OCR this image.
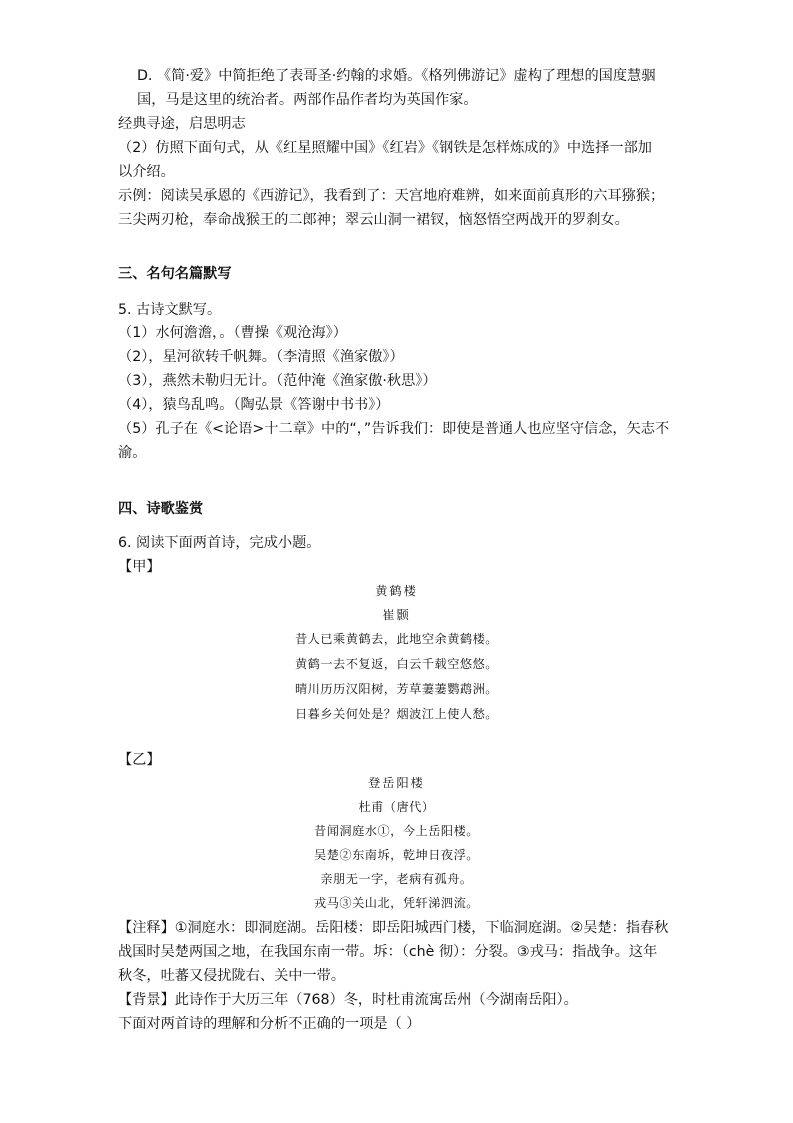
D. 《简·爱》中简拒绝了表哥圣·约翰的求婚。《格列佛游记》虚构了理想的国度慧骃
国，马是这里的统治者。两部作品作者均为英国作家。
经典寻途，启思明志
（2）仿照下面句式，从《红星照耀中国》《红岩》《钢铁是怎样炼成的》中选择一部加
以介绍。
示例：阅读吴承恩的《西游记》，我看到了：天宫地府难辨，如来面前真形的六耳猕猴；
三尖两刃枪，奉命战猴王的二郎神；翠云山洞一裙钗，恼怒悟空两战开的罗刹女。
三、名句名篇默写
5. 古诗文默写。
（1）水何澹澹，。（曹操《观沧海》）
（2），星河欲转千帆舞。（李清照《渔家傲》）
（3），燕然未勒归无计。（范仲淹《渔家傲·秋思》）
（4），猿鸟乱鸣。（陶弘景《答谢中书书》）
（5）孔子在《<论语>十二章》中的“，”告诉我们：即使是普通人也应坚守信念，矢志不
渝。
四、诗歌鉴赏
6. 阅读下面两首诗，完成小题。
【甲】
黄鹤楼
崔颢
昔人已乘黄鹤去，此地空余黄鹤楼。
黄鹤一去不复返，白云千载空悠悠。
晴川历历汉阳树，芳草萋萋鹦鹉洲。
日暮乡关何处是？烟波江上使人愁。
【乙】
登岳阳楼
杜甫（唐代）
昔闻洞庭水①，今上岳阳楼。
吴楚②东南坼，乾坤日夜浮。
亲朋无一字，老病有孤舟。
戎马③关山北，凭轩涕泗流。
【注释】①洞庭水：即洞庭湖。岳阳楼：即岳阳城西门楼，下临洞庭湖。②吴楚：指春秋
战国时吴楚两国之地，在我国东南一带。坼：（chè 彻）：分裂。③戎马：指战争。这年
秋冬，吐蕃又侵扰陇右、关中一带。
【背景】此诗作于大历三年（768）冬，时杜甫流寓岳州（今湖南岳阳）。
下面对两首诗的理解和分析不正确的一项是（ ）
